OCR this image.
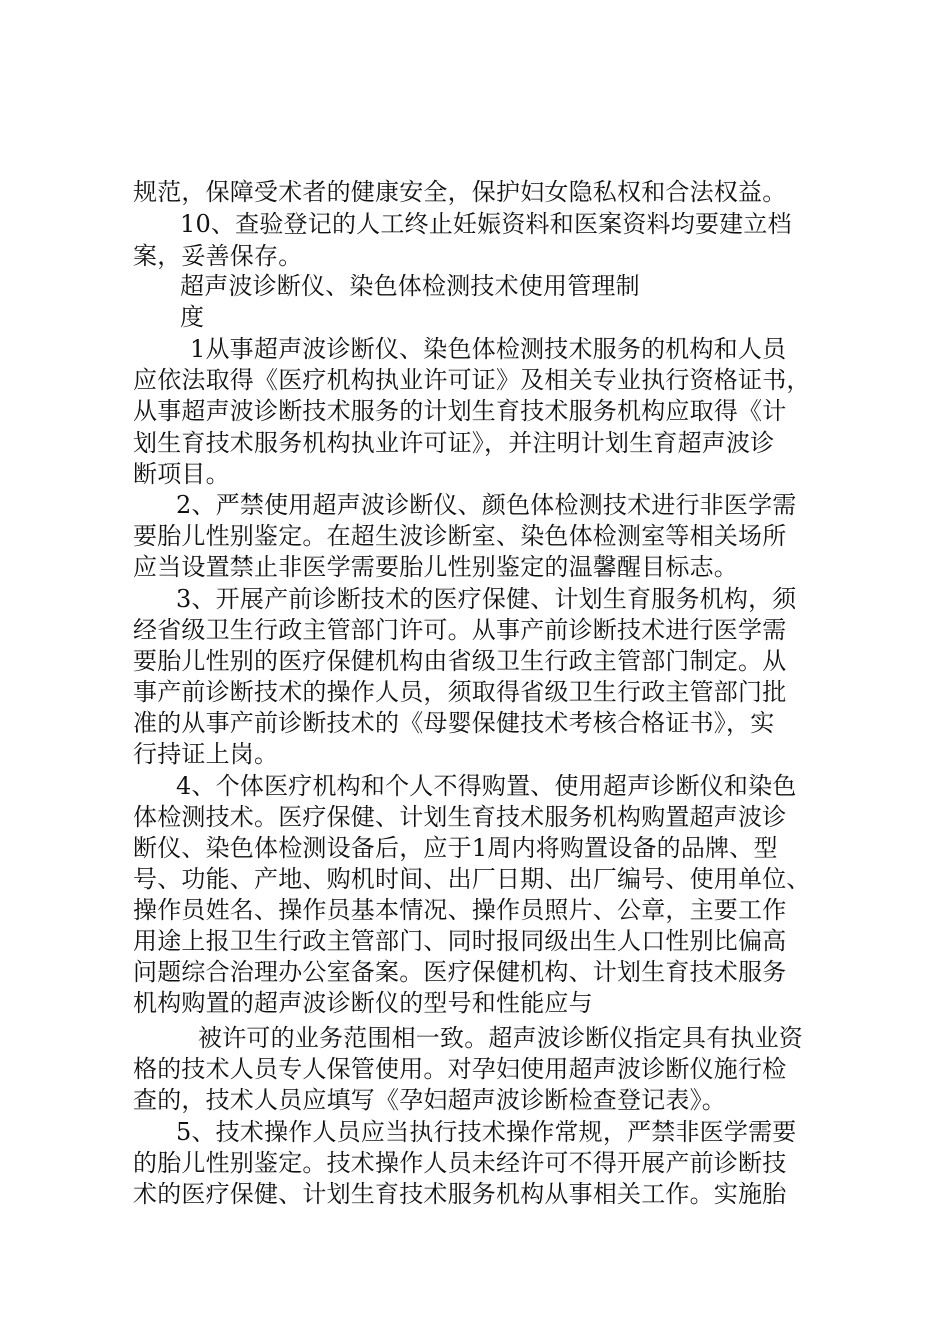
规范，保障受术者的健康安全，保护妇女隐私权和合法权益。
10、查验登记的人工终止妊娠资料和医案资料均要建立档
案，妥善保存。
超声波诊断仪、染色体检测技术使用管理制
度
1从事超声波诊断仪、染色体检测技术服务的机构和人员
应依法取得《医疗机构执业许可证》及相关专业执行资格证书，
从事超声波诊断技术服务的计划生育技术服务机构应取得《计
划生育技术服务机构执业许可证》，并注明计划生育超声波诊
断项目。
2、严禁使用超声波诊断仪、颜色体检测技术进行非医学需
要胎儿性别鉴定。在超生波诊断室、染色体检测室等相关场所
应当设置禁止非医学需要胎儿性别鉴定的温馨醒目标志。
3、开展产前诊断技术的医疗保健、计划生育服务机构，须
经省级卫生行政主管部门许可。从事产前诊断技术进行医学需
要胎儿性别的医疗保健机构由省级卫生行政主管部门制定。从
事产前诊断技术的操作人员，须取得省级卫生行政主管部门批
准的从事产前诊断技术的《母婴保健技术考核合格证书》，实
行持证上岗。
4、个体医疗机构和个人不得购置、使用超声诊断仪和染色
体检测技术。医疗保健、计划生育技术服务机构购置超声波诊
断仪、染色体检测设备后，应于1周内将购置设备的品牌、型
号、功能、产地、购机时间、出厂日期、出厂编号、使用单位、
操作员姓名、操作员基本情况、操作员照片、公章，主要工作
用途上报卫生行政主管部门、同时报同级出生人口性别比偏高
问题综合治理办公室备案。医疗保健机构、计划生育技术服务
机构购置的超声波诊断仪的型号和性能应与
被许可的业务范围相一致。超声波诊断仪指定具有执业资
格的技术人员专人保管使用。对孕妇使用超声波诊断仪施行检
查的，技术人员应填写《孕妇超声波诊断检查登记表》。
5、技术操作人员应当执行技术操作常规，严禁非医学需要
的胎儿性别鉴定。技术操作人员未经许可不得开展产前诊断技
术的医疗保健、计划生育技术服务机构从事相关工作。实施胎
